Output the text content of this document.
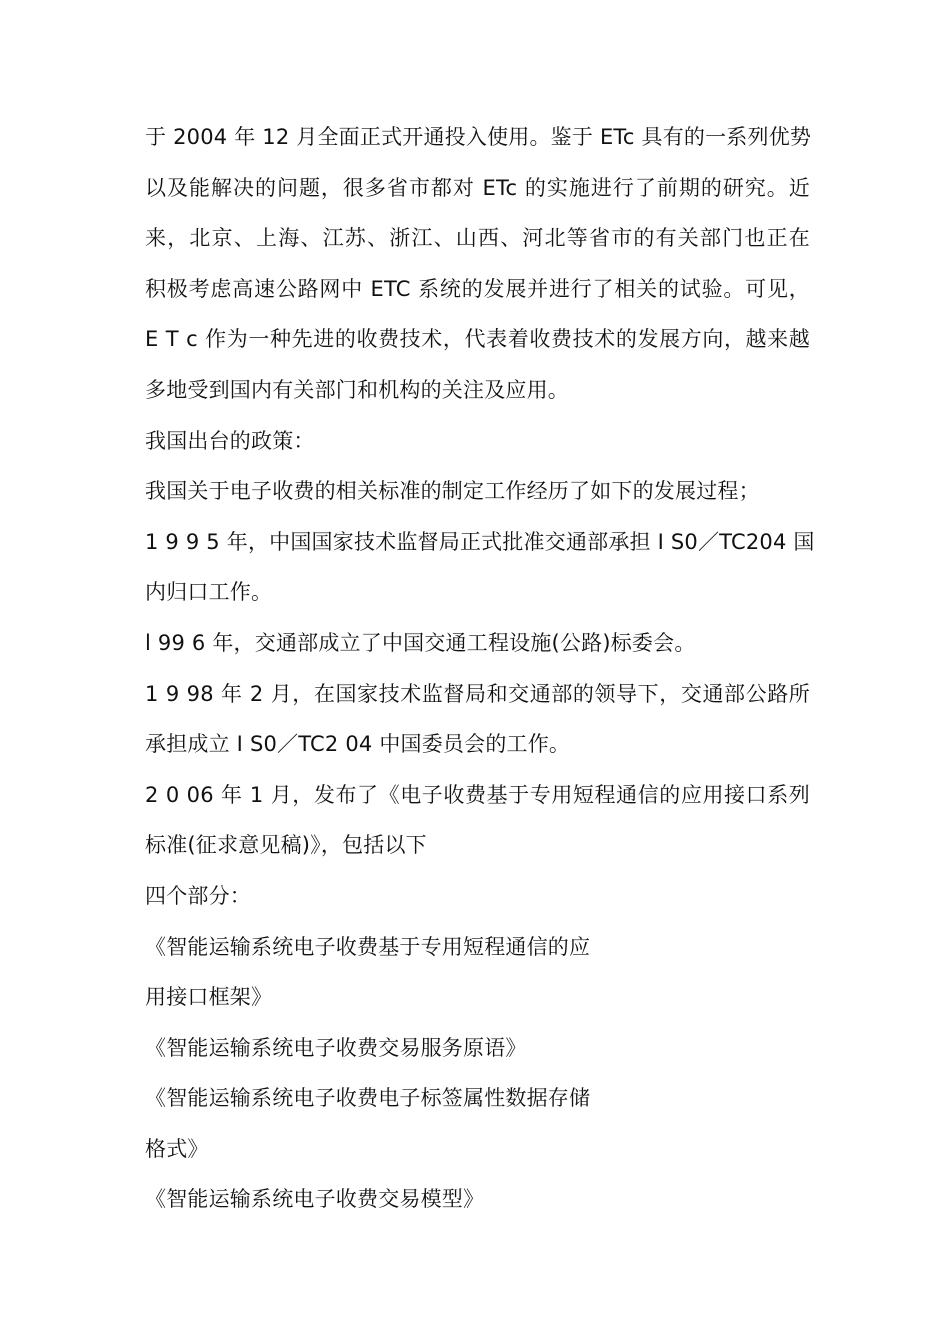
于 2004 年 12 月全面正式开通投入使用。鉴于 ETc 具有的一系列优势
以及能解决的问题，很多省市都对 ETc 的实施进行了前期的研究。近
来，北京、上海、江苏、浙江、山西、河北等省市的有关部门也正在
积极考虑高速公路网中 ETC 系统的发展并进行了相关的试验。可见，
E T c 作为一种先进的收费技术，代表着收费技术的发展方向，越来越
多地受到国内有关部门和机构的关注及应用。
我国出台的政策：
我国关于电子收费的相关标准的制定工作经历了如下的发展过程；
1 9 9 5 年，中国国家技术监督局正式批准交通部承担 I S0／TC204 国
内归口工作。
l 99 6 年，交通部成立了中国交通工程设施(公路)标委会。
1 9 98 年 2 月，在国家技术监督局和交通部的领导下，交通部公路所
承担成立 I S0／TC2 04 中国委员会的工作。
2 0 06 年 1 月，发布了《电子收费基于专用短程通信的应用接口系列
标准(征求意见稿)》，包括以下
四个部分：
《智能运输系统电子收费基于专用短程通信的应
用接口框架》
《智能运输系统电子收费交易服务原语》
《智能运输系统电子收费电子标签属性数据存储
格式》
《智能运输系统电子收费交易模型》
